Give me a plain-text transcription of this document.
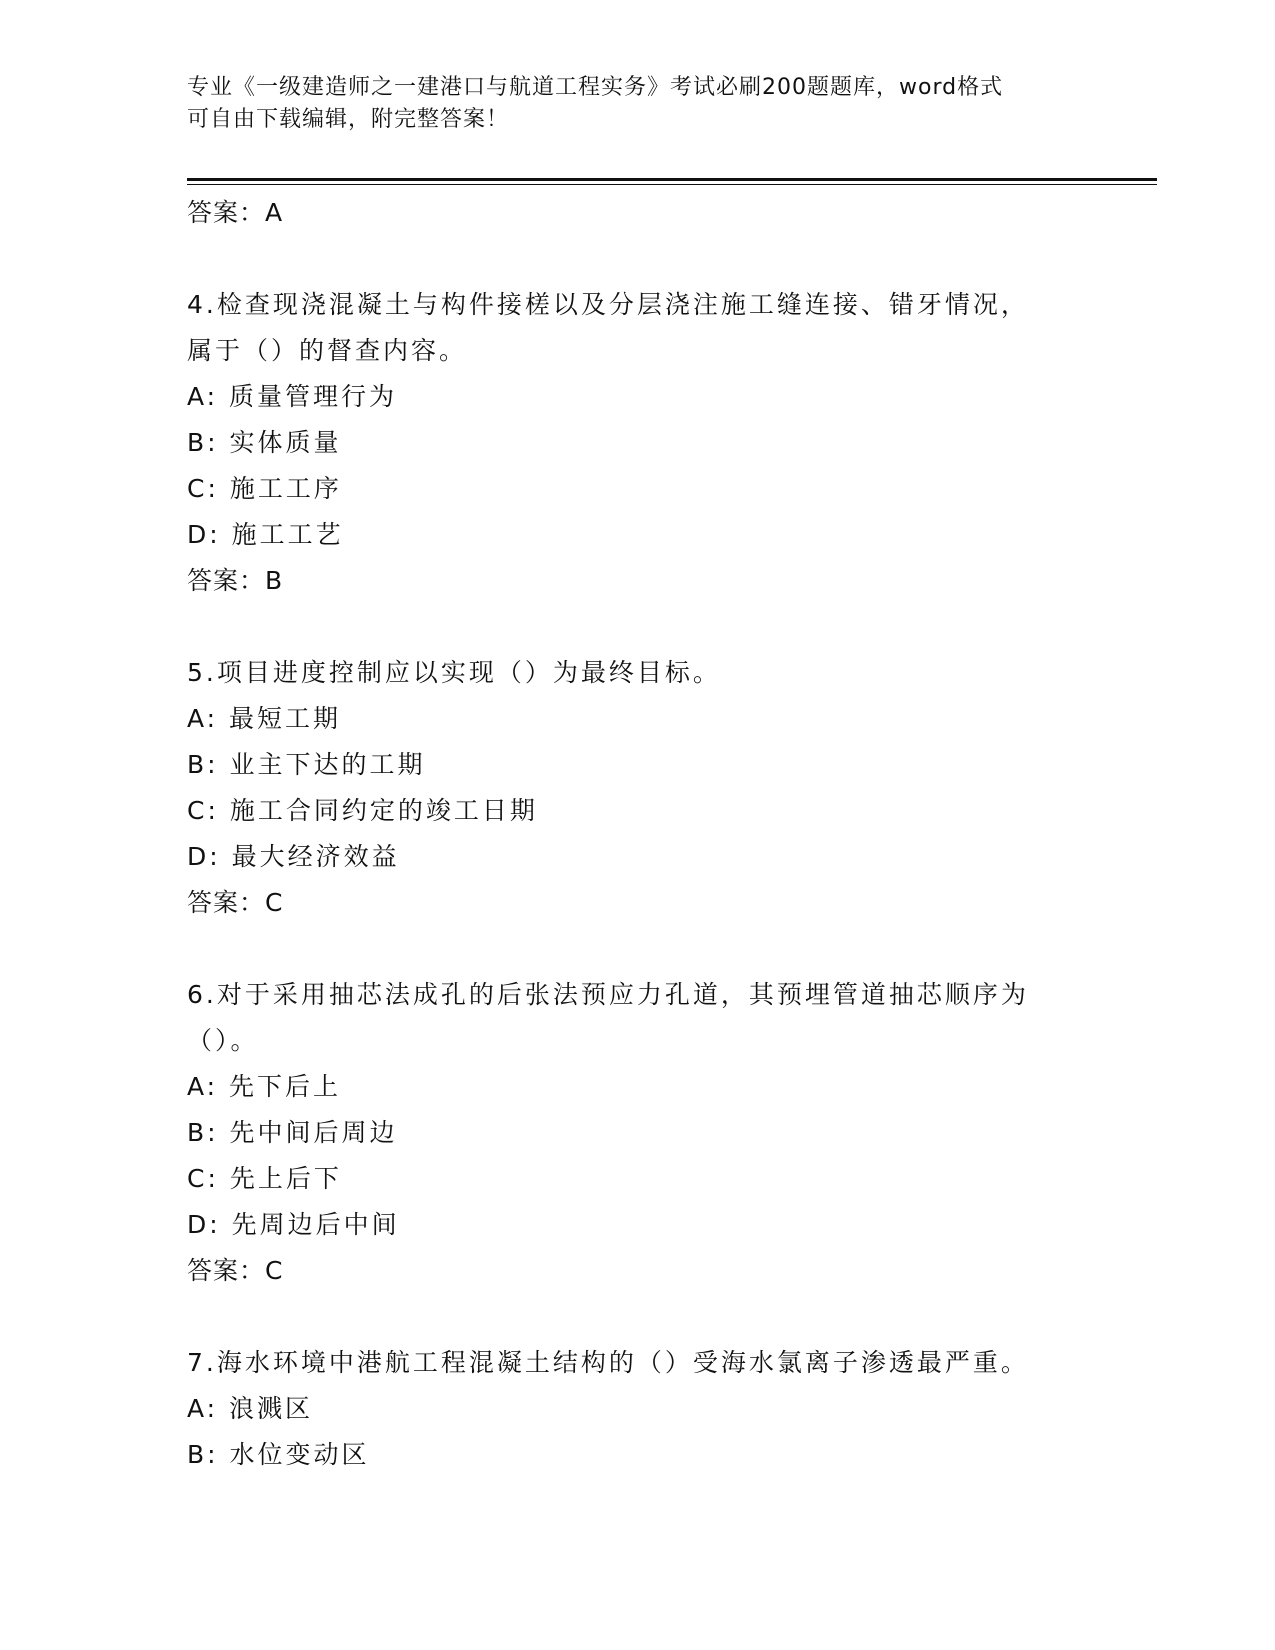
专业《一级建造师之一建港口与航道工程实务》考试必刷200题题库，word格式
可自由下载编辑，附完整答案！
答案：A
4.检查现浇混凝土与构件接槎以及分层浇注施工缝连接、错牙情况，
属于（）的督查内容。
A: 质量管理行为
B: 实体质量
C: 施工工序
D: 施工工艺
答案：B
5.项目进度控制应以实现（）为最终目标。
A: 最短工期
B: 业主下达的工期
C: 施工合同约定的竣工日期
D: 最大经济效益
答案：C
6.对于采用抽芯法成孔的后张法预应力孔道，其预埋管道抽芯顺序为
（）。
A: 先下后上
B: 先中间后周边
C: 先上后下
D: 先周边后中间
答案：C
7.海水环境中港航工程混凝土结构的（）受海水氯离子渗透最严重。
A: 浪溅区
B: 水位变动区
